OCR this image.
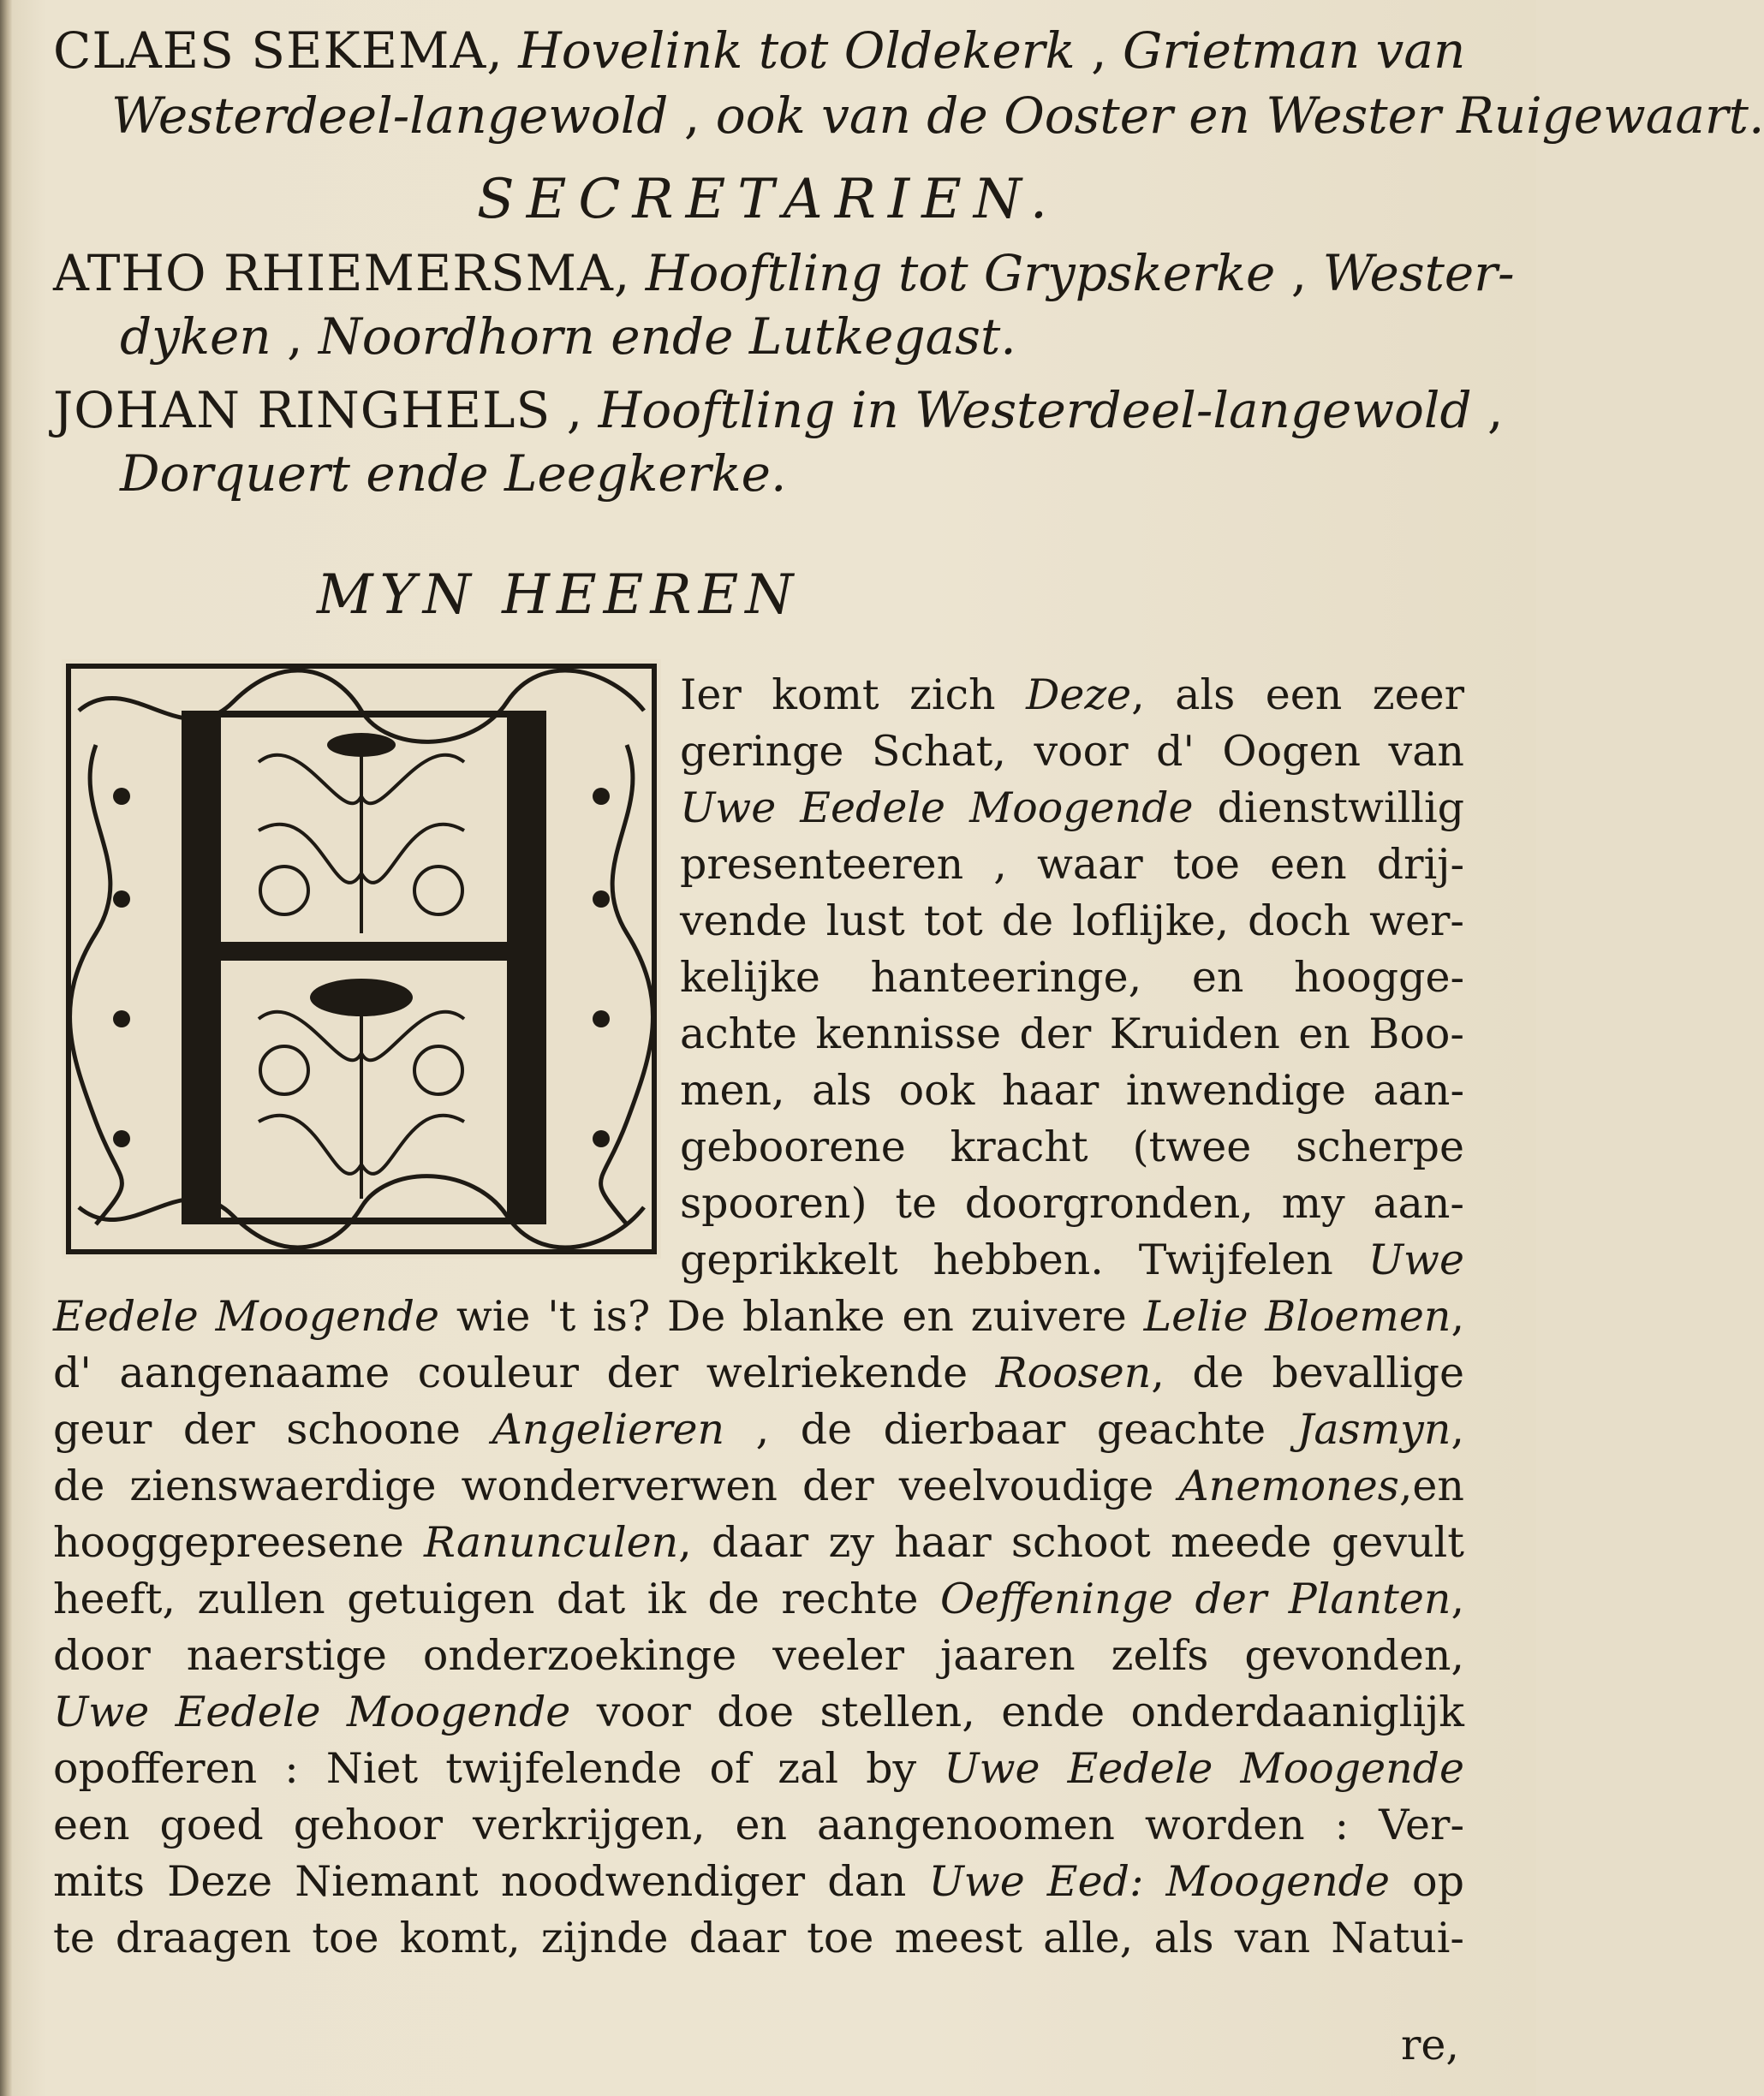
CLAES SEKEMA, Hovelink tot Oldekerk , Grietman van
Westerdeel-langewold , ook van de Ooster en Wester Ruigewaart.
SECRETARIEN.
ATHO RHIEMERSMA, Hooftling tot Grypskerke , Wester-
dyken , Noordhorn ende Lutkegast.
JOHAN RINGHELS , Hooftling in Westerdeel-langewold
Dorquert ende Leegkerke.
MYN HEEREN
Ier komt zich Deze, als een zeer
geringe Schat, voor d' Oogen van
Uwe Eedele Moogende dienstwillig
presenteeren , waar toe een drij-
vende lust tot de loflijke, doch wer-
kelijke hanteeringe, en hoogge-
achte kennisse der Kruiden en Boo-
men, als ook haar inwendige aan-
geboorene kracht (twee scherpe
spooren) te doorgronden, my aan-
geprikkelt hebben. Twijfelen Uwe
Eedele Moogende wie 't is? De blanke en zuivere Lelie Bloemen,
d' aangenaame couleur der welriekende Roosen, de bevallige
geur der schoone Angelieren , de dierbaar geachte Jasmyn,
de zienswaerdige wonderverwen der veelvoudige Anemones,en
hooggepreesene Ranunculen, daar zy haar schoot meede gevult
heeft, zullen getuigen dat ik de rechte Oeffeninge der Planten,
door naerstige onderzoekinge veeler jaaren zelfs gevonden,
Uwe Eedele Moogende voor doe stellen, ende onderdaaniglijk
opofferen : Niet twijfelende of zal by Uwe Eedele Moogende
een goed gehoor verkrijgen, en aangenoomen worden : Ver-
mits Deze Niemant noodwendiger dan Uwe Eed: Moogende op
te draagen toe komt, zijnde daar toe meest alle, als van Natui-
re,
